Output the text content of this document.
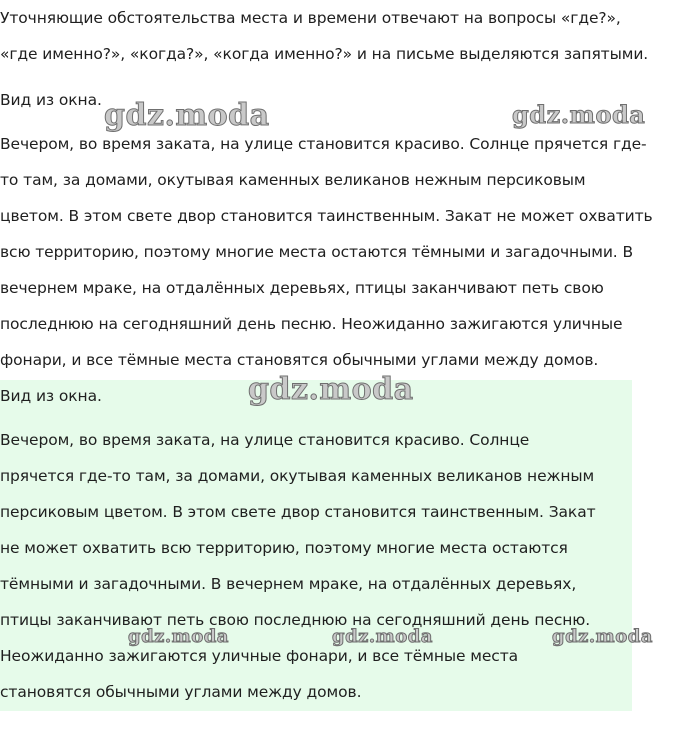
Уточняющие обстоятельства места и времени отвечают на вопросы «где?»,
«где именно?», «когда?», «когда именно?» и на письме выделяются запятыми.

Вид из окна.

Вечером, во время заката, на улице становится красиво. Солнце прячется где-
то там, за домами, окутывая каменных великанов нежным персиковым
цветом. В этом свете двор становится таинственным. Закат не может охватить
всю территорию, поэтому многие места остаются тёмными и загадочными. В
вечернем мраке, на отдалённых деревьях, птицы заканчивают петь свою
последнюю на сегодняшний день песню. Неожиданно зажигаются уличные
фонари, и все тёмные места становятся обычными углами между домов.

Вид из окна.

Вечером, во время заката, на улице становится красиво. Солнце
прячется где-то там, за домами, окутывая каменных великанов нежным
персиковым цветом. В этом свете двор становится таинственным. Закат
не может охватить всю территорию, поэтому многие места остаются
тёмными и загадочными. В вечернем мраке, на отдалённых деревьях,
птицы заканчивают петь свою последнюю на сегодняшний день песню.
Неожиданно зажигаются уличные фонари, и все тёмные места
становятся обычными углами между домов.

gdz.moda	gdz.moda
gdz.moda
gdz.moda	gdz.moda	gdz.moda
